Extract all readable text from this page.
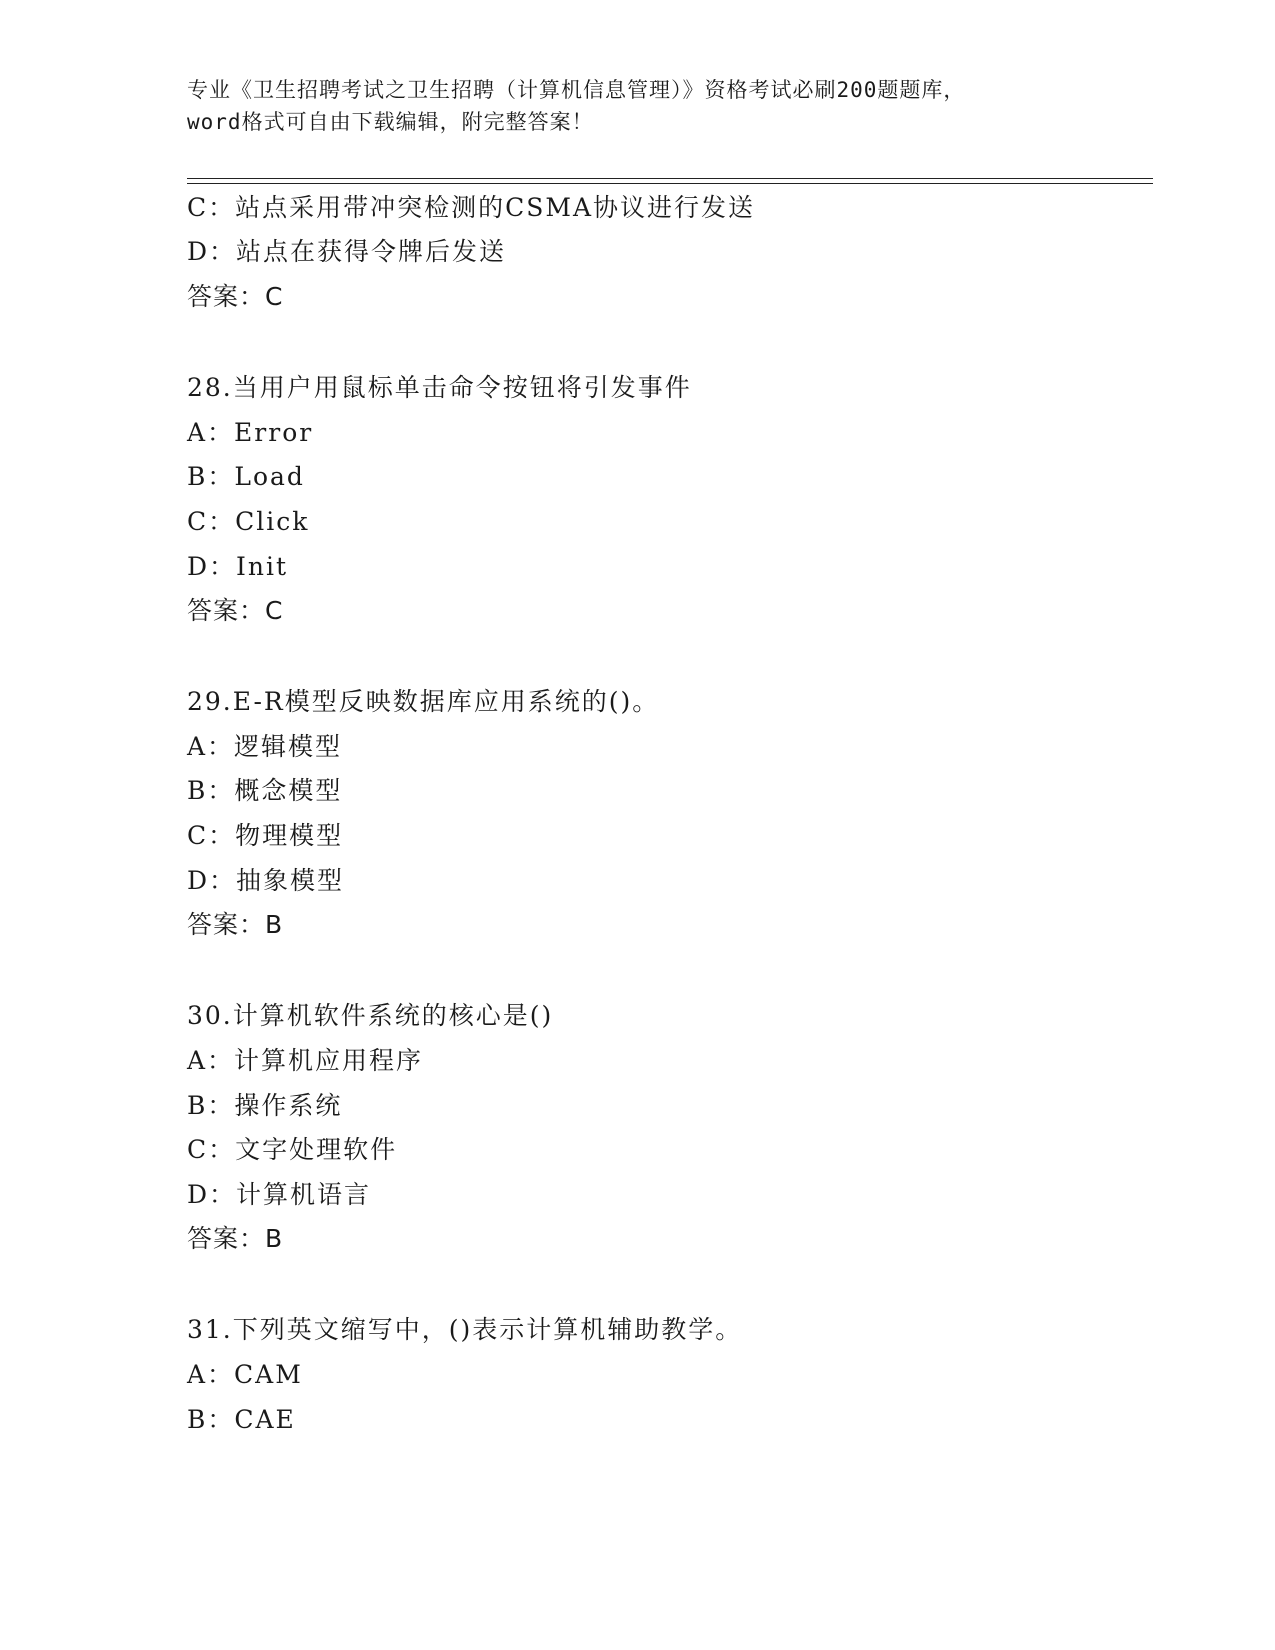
专业《卫生招聘考试之卫生招聘（计算机信息管理）》资格考试必刷200题题库，
word格式可自由下载编辑，附完整答案！
C：站点采用带冲突检测的CSMA协议进行发送
D：站点在获得令牌后发送
答案：C
28.当用户用鼠标单击命令按钮将引发事件
A：Error
B：Load
C：Click
D：Init
答案：C
29.E-R模型反映数据库应用系统的()。
A：逻辑模型
B：概念模型
C：物理模型
D：抽象模型
答案：B
30.计算机软件系统的核心是()
A：计算机应用程序
B：操作系统
C：文字处理软件
D：计算机语言
答案：B
31.下列英文缩写中，()表示计算机辅助教学。
A：CAM
B：CAE
